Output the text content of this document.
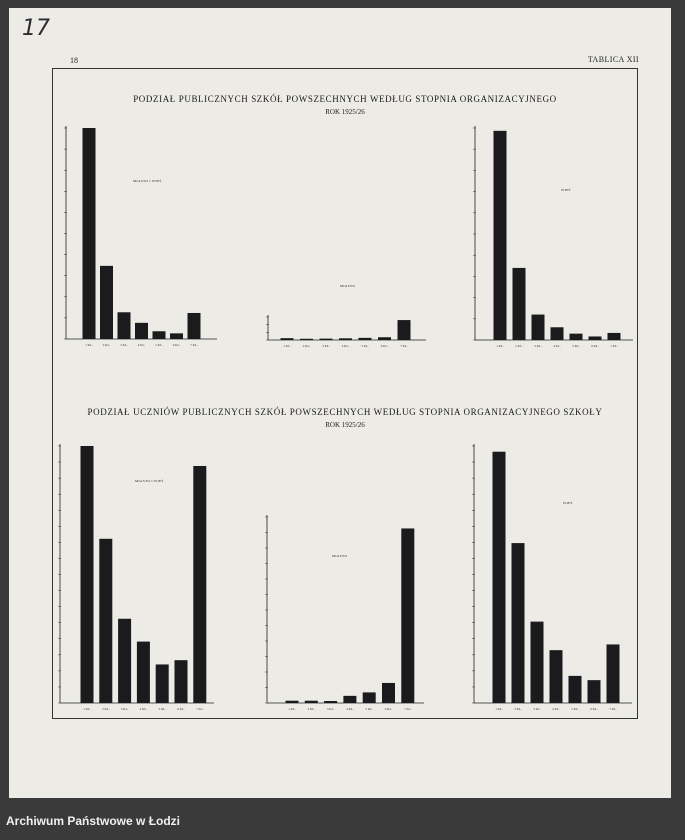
17
18	TABLICA XII
PODZIAŁ PUBLICZNYCH SZKÓŁ POWSZECHNYCH WEDŁUG STOPNIA ORGANIZACYJNEGO
ROK 1925/26
PODZIAŁ UCZNIÓW PUBLICZNYCH SZKÓŁ POWSZECHNYCH WEDŁUG STOPNIA ORGANIZACYJNEGO SZKOŁY
ROK 1925/26
1 KL.	2 KL.	3 KL.	4 KL.	5 KL.	6 KL.	7 KL.
MIASTO I WIEŚ
1 KL.	2 KL.	3 KL.	4 KL.	5 KL.	6 KL.	7 KL.
MIASTO
1 KL.	2 KL.	3 KL.	4 KL.	5 KL.	6 KL.	7 KL.
WIEŚ
1 KL.	2 KL.	3 KL.	4 KL.	5 KL.	6 KL.	7 KL.
MIASTO I WIEŚ
1 KL.	2 KL.	3 KL.	4 KL.	5 KL.	6 KL.	7 KL.
MIASTO
1 KL.	2 KL.	3 KL.	4 KL.	5 KL.	6 KL.	7 KL.
WIEŚ
Archiwum Państwowe w Łodzi
